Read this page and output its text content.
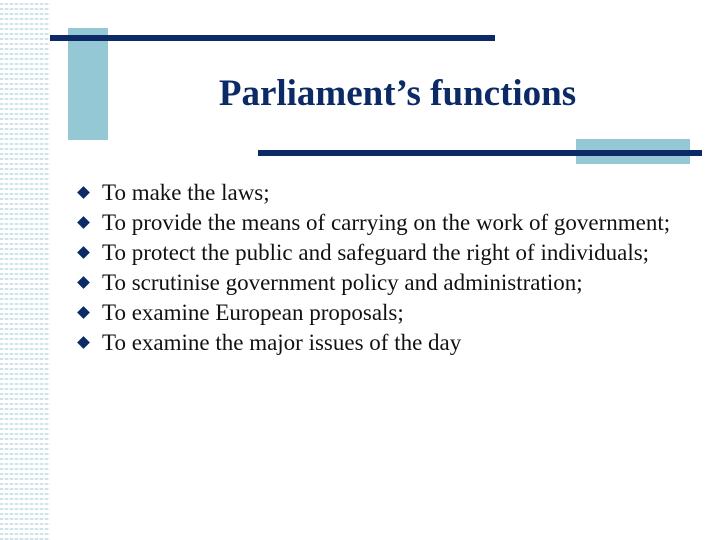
Parliament’s functions
To make the laws;
To provide the means of carrying on the work of government;
To protect the public and safeguard the right of individuals;
To scrutinise government policy and administration;
To examine European proposals;
To examine the major issues of the day
